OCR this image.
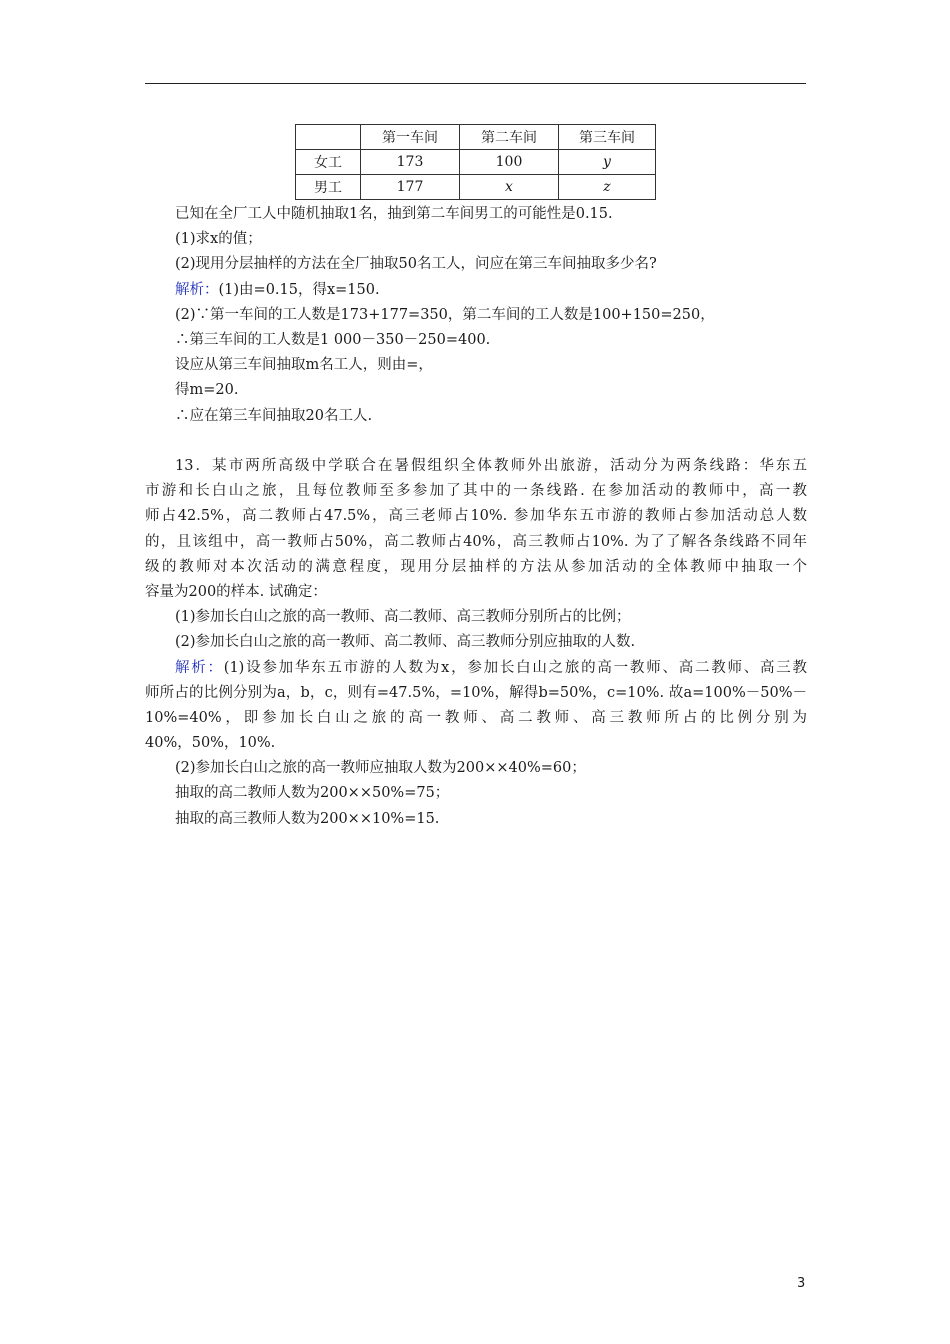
	第一车间	第二车间	第三车间
女工	173	100	y
男工	177	x	z
已知在全厂工人中随机抽取1名，抽到第二车间男工的可能性是0.15.
(1)求x的值；
(2)现用分层抽样的方法在全厂抽取50名工人，问应在第三车间抽取多少名?
解析：(1)由=0.15，得x=150.
(2)∵第一车间的工人数是173+177=350，第二车间的工人数是100+150=250，
∴第三车间的工人数是1 000－350－250=400.
设应从第三车间抽取m名工人，则由=，
得m=20.
∴应在第三车间抽取20名工人.
13．某市两所高级中学联合在暑假组织全体教师外出旅游，活动分为两条线路：华东五
市游和长白山之旅，且每位教师至多参加了其中的一条线路. 在参加活动的教师中，高一教
师占42.5%，高二教师占47.5%，高三老师占10%. 参加华东五市游的教师占参加活动总人数
的，且该组中，高一教师占50%，高二教师占40%，高三教师占10%. 为了了解各条线路不同年
级的教师对本次活动的满意程度，现用分层抽样的方法从参加活动的全体教师中抽取一个
容量为200的样本. 试确定：
(1)参加长白山之旅的高一教师、高二教师、高三教师分别所占的比例；
(2)参加长白山之旅的高一教师、高二教师、高三教师分别应抽取的人数.
解析：(1)设参加华东五市游的人数为x，参加长白山之旅的高一教师、高二教师、高三教
师所占的比例分别为a，b，c，则有=47.5%，=10%，解得b=50%，c=10%. 故a=100%－50%－
10%=40%，即参加长白山之旅的高一教师、高二教师、高三教师所占的比例分别为
40%，50%，10%.
(2)参加长白山之旅的高一教师应抽取人数为200××40%=60；
抽取的高二教师人数为200××50%=75；
抽取的高三教师人数为200××10%=15.
3
